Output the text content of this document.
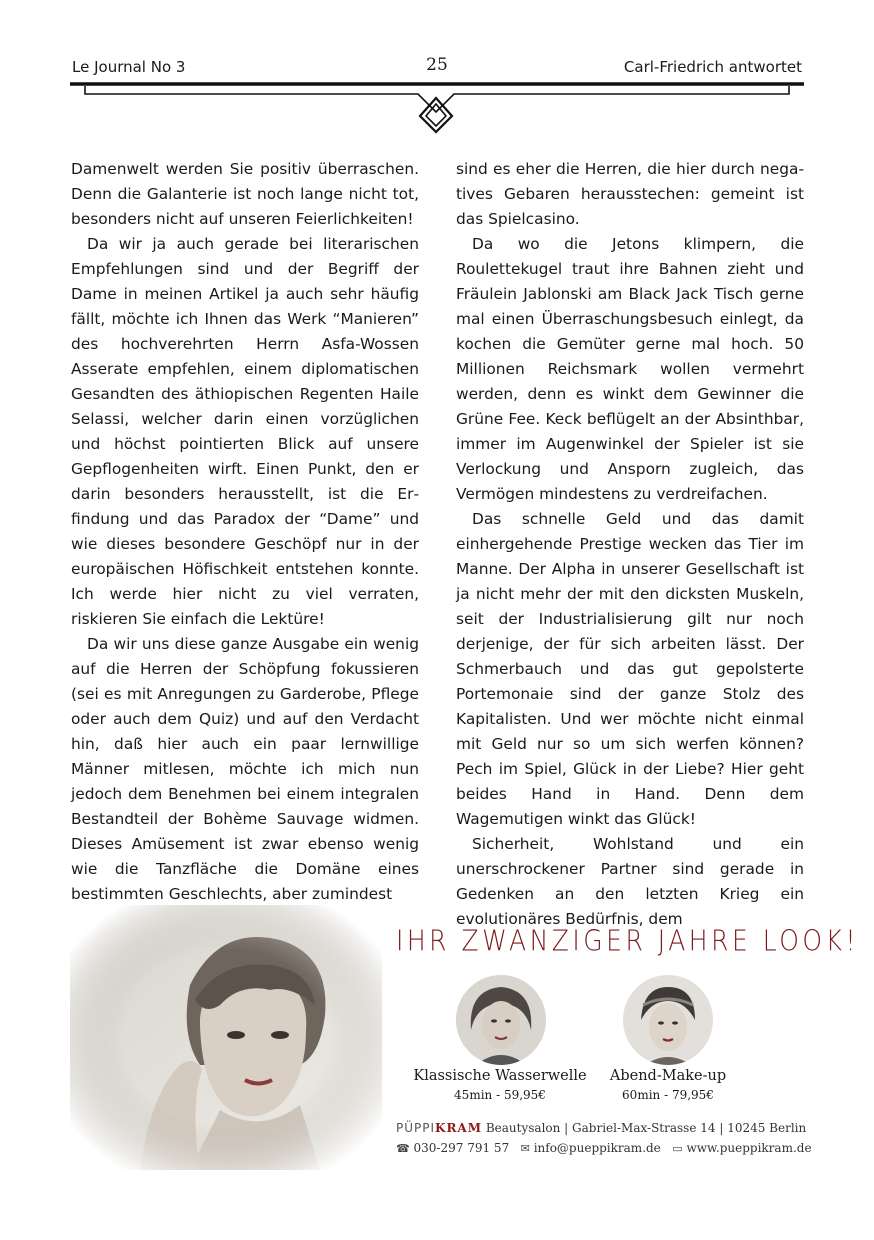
Le Journal No 3	25	Carl-Friedrich antwortet

Damenwelt werden Sie positiv überraschen. Denn die Galanterie ist noch lange nicht tot, besonders nicht auf unseren Feierlichkeiten!

Da wir ja auch gerade bei literarischen Empfehlungen sind und der Begriff der Dame in meinen Artikel ja auch sehr häufig fällt, möchte ich Ihnen das Werk “Manieren” des hochverehrten Herrn Asfa-Wossen Asserate empfehlen, einem diplomatischen Gesandten des äthiopischen Regenten Haile Selassi, welcher darin einen vorzüglichen und höchst pointierten Blick auf unsere Gepflogenheiten wirft. Einen Punkt, den er darin besonders herausstellt, ist die Erfindung und das Paradox der “Dame” und wie dieses besondere Geschöpf nur in der europäischen Höfischkeit entstehen konnte. Ich werde hier nicht zu viel verraten, riskieren Sie einfach die Lektüre!

Da wir uns diese ganze Ausgabe ein wenig auf die Herren der Schöpfung fokussieren (sei es mit Anregungen zu Garderobe, Pflege oder auch dem Quiz) und auf den Verdacht hin, daß hier auch ein paar lernwillige Männer mitlesen, möchte ich mich nun jedoch dem Benehmen bei einem integralen Bestandteil der Bohème Sauvage widmen. Dieses Amüsement ist zwar ebenso wenig wie die Tanzfläche die Domäne eines bestimmten Geschlechts, aber zumindest

sind es eher die Herren, die hier durch negatives Gebaren herausstechen: gemeint ist das Spielcasino.

Da wo die Jetons klimpern, die Roulettekugel traut ihre Bahnen zieht und Fräulein Jablonski am Black Jack Tisch gerne mal einen Überraschungsbesuch einlegt, da kochen die Gemüter gerne mal hoch. 50 Millionen Reichsmark wollen vermehrt werden, denn es winkt dem Gewinner die Grüne Fee. Keck beflügelt an der Absinthbar, immer im Augenwinkel der Spieler ist sie Verlockung und Ansporn zugleich, das Vermögen mindestens zu verdreifachen.

Das schnelle Geld und das damit einhergehende Prestige wecken das Tier im Manne. Der Alpha in unserer Gesellschaft ist ja nicht mehr der mit den dicksten Muskeln, seit der Industrialisierung gilt nur noch derjenige, der für sich arbeiten lässt. Der Schmerbauch und das gut gepolsterte Portemonaie sind der ganze Stolz des Kapitalisten. Und wer möchte nicht einmal mit Geld nur so um sich werfen können? Pech im Spiel, Glück in der Liebe? Hier geht beides Hand in Hand. Denn dem Wagemutigen winkt das Glück!

Sicherheit, Wohlstand und ein unerschrockener Partner sind gerade in Gedenken an den letzten Krieg ein evolutionäres Bedürfnis, dem

IHR ZWANZIGER JAHRE LOOK!
Klassische Wasserwelle
45min - 59,95€
Abend-Make-up
60min - 79,95€
PÜPPIKRAM Beautysalon | Gabriel-Max-Strasse 14 | 10245 Berlin
☎ 030-297 791 57 ✉ info@pueppikram.de ▭ www.pueppikram.de
